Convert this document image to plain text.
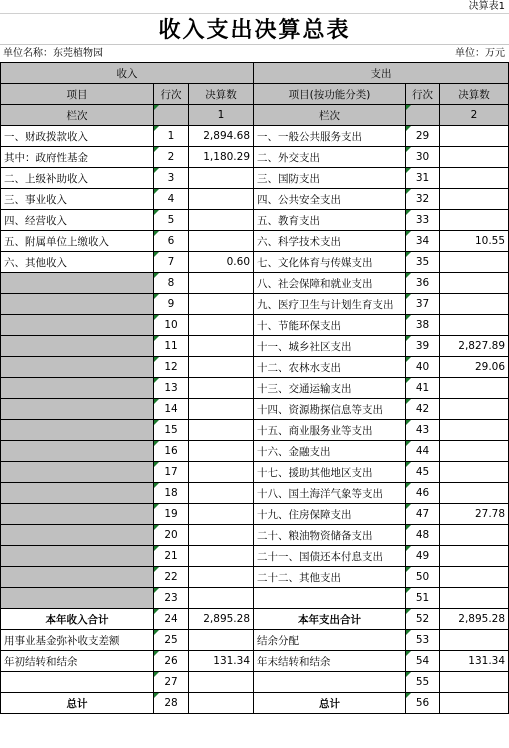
决算表1
收入支出决算总表
单位名称：东莞植物园	单位：万元
收入			支出		
项目	行次	决算数	项目(按功能分类)	行次	决算数
栏次		1	栏次		2
一、财政拨款收入	1	2,894.68	一、一般公共服务支出	29	
其中：政府性基金	2	1,180.29	二、外交支出	30	
二、上级补助收入	3		三、国防支出	31	
三、事业收入	4		四、公共安全支出	32	
四、经营收入	5		五、教育支出	33	
五、附属单位上缴收入	6		六、科学技术支出	34	10.55
六、其他收入	7	0.60	七、文化体育与传媒支出	35	
	8		八、社会保障和就业支出	36	
	9		九、医疗卫生与计划生育支出	37	
	10		十、节能环保支出	38	
	11		十一、城乡社区支出	39	2,827.89
	12		十二、农林水支出	40	29.06
	13		十三、交通运输支出	41	
	14		十四、资源勘探信息等支出	42	
	15		十五、商业服务业等支出	43	
	16		十六、金融支出	44	
	17		十七、援助其他地区支出	45	
	18		十八、国土海洋气象等支出	46	
	19		十九、住房保障支出	47	27.78
	20		二十、粮油物资储备支出	48	
	21		二十一、国债还本付息支出	49	
	22		二十二、其他支出	50	
	23			51	
本年收入合计	24	2,895.28	本年支出合计	52	2,895.28
用事业基金弥补收支差额	25		结余分配	53	
年初结转和结余	26	131.34	年末结转和结余	54	131.34
	27			55	
总计	28		总计	56	
